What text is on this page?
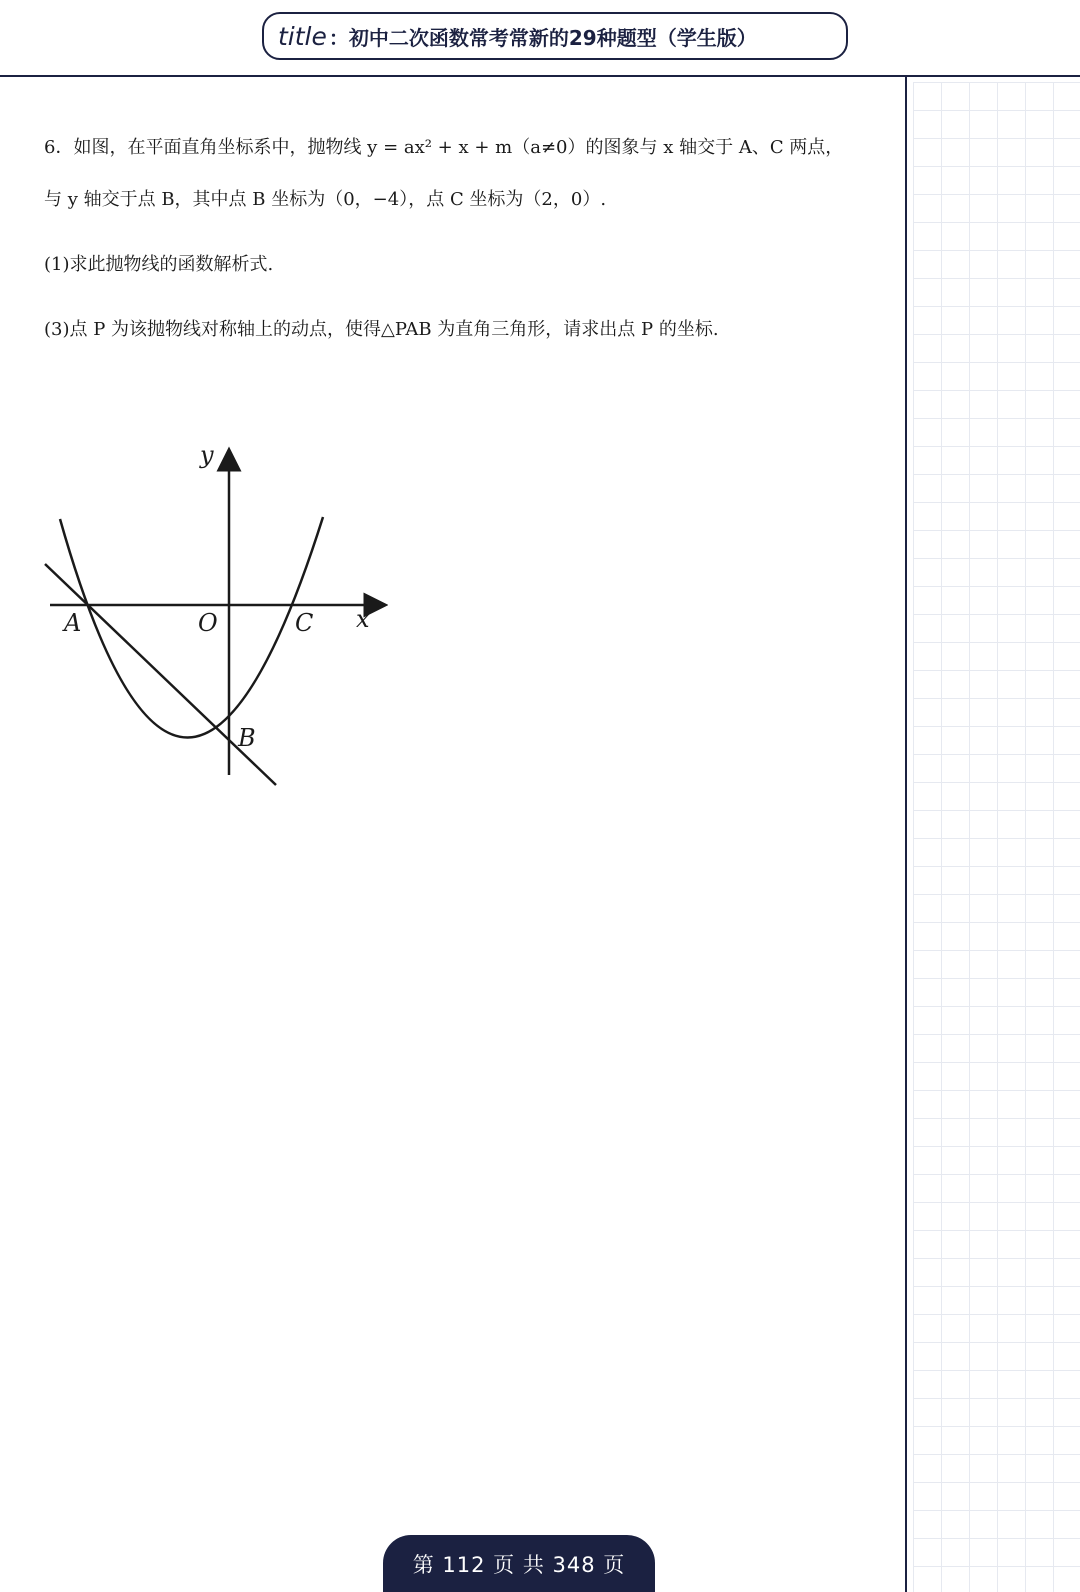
title ：初中二次函数常考常新的29种题型（学生版）
6．如图，在平面直角坐标系中，抛物线 y = ax² + x + m（a≠0）的图象与 x 轴交于 A、C 两点，
与 y 轴交于点 B，其中点 B 坐标为（0，−4），点 C 坐标为（2，0）.
(1)求此抛物线的函数解析式.
(3)点 P 为该抛物线对称轴上的动点，使得△PAB 为直角三角形，请求出点 P 的坐标.
y
x
O
A	C
B
第 112 页 共 348 页
